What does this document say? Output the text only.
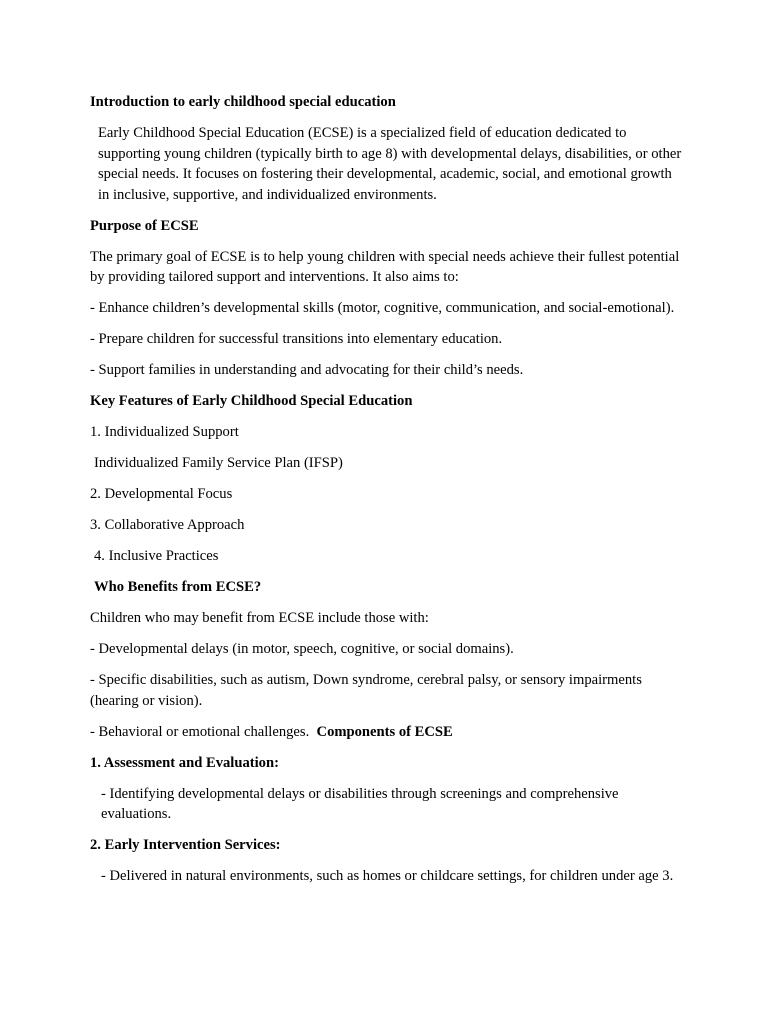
Introduction to early childhood special education

Early Childhood Special Education (ECSE) is a specialized field of education dedicated to supporting young children (typically birth to age 8) with developmental delays, disabilities, or other special needs. It focuses on fostering their developmental, academic, social, and emotional growth in inclusive, supportive, and individualized environments.

Purpose of ECSE

The primary goal of ECSE is to help young children with special needs achieve their fullest potential by providing tailored support and interventions. It also aims to:

- Enhance children’s developmental skills (motor, cognitive, communication, and social-emotional).

- Prepare children for successful transitions into elementary education.

- Support families in understanding and advocating for their child’s needs.

Key Features of Early Childhood Special Education

1. Individualized Support

Individualized Family Service Plan (IFSP)

2. Developmental Focus

3. Collaborative Approach

4. Inclusive Practices

Who Benefits from ECSE?

Children who may benefit from ECSE include those with:

- Developmental delays (in motor, speech, cognitive, or social domains).

- Specific disabilities, such as autism, Down syndrome, cerebral palsy, or sensory impairments (hearing or vision).

- Behavioral or emotional challenges. Components of ECSE

1. Assessment and Evaluation:

- Identifying developmental delays or disabilities through screenings and comprehensive evaluations.

2. Early Intervention Services:

- Delivered in natural environments, such as homes or childcare settings, for children under age 3.
